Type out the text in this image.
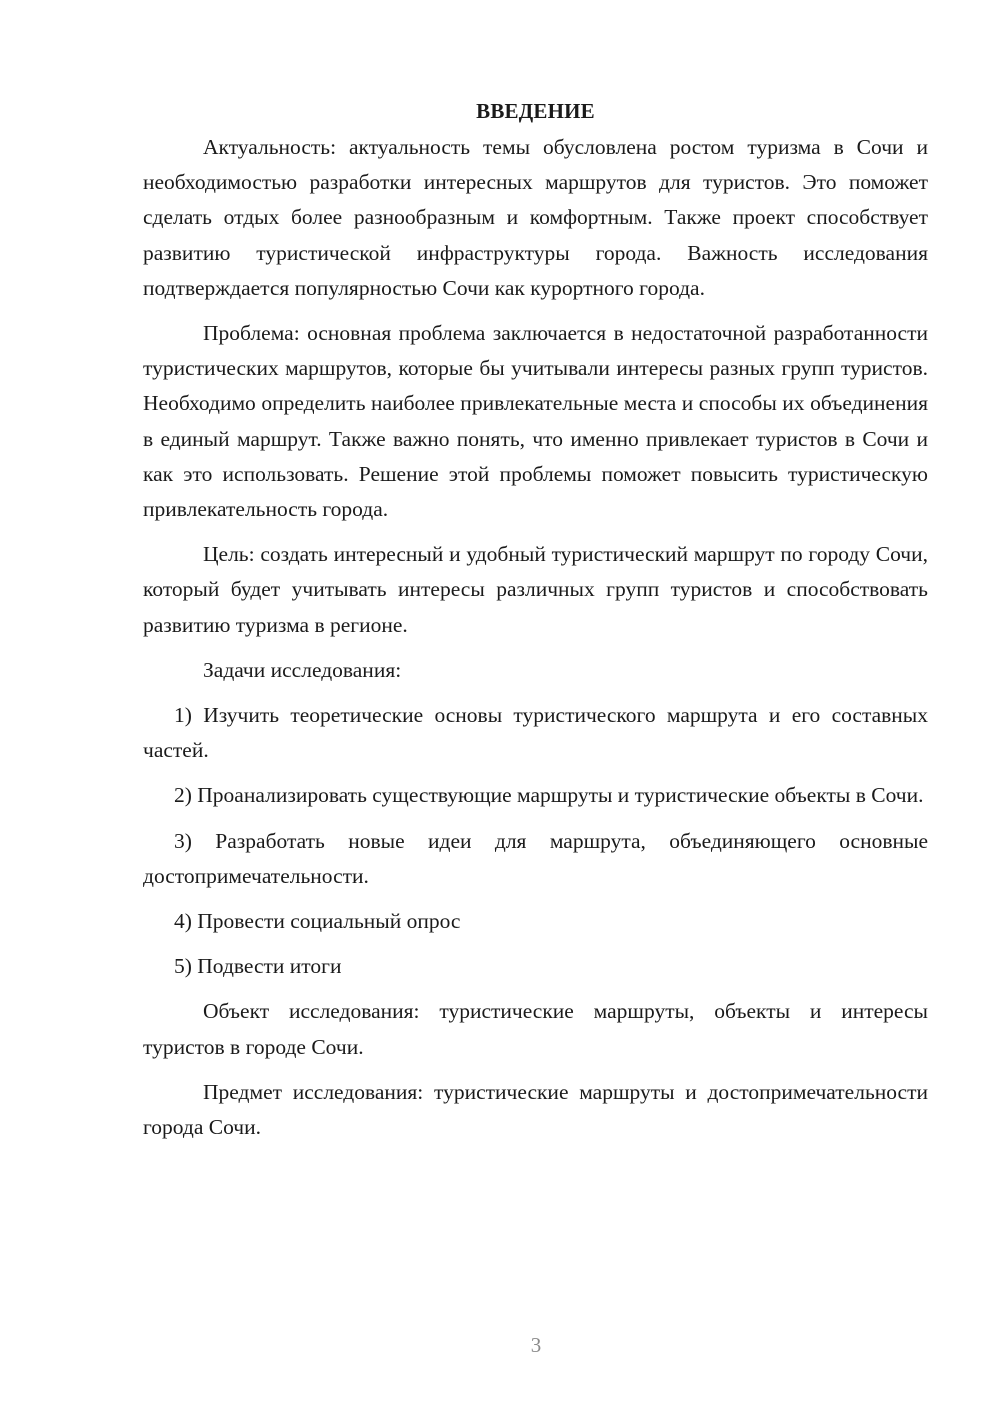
ВВЕДЕНИЕ

Актуальность: актуальность темы обусловлена ростом туризма в Сочи и необходимостью разработки интересных маршрутов для туристов. Это поможет сделать отдых более разнообразным и комфортным. Также проект способствует развитию туристической инфраструктуры города. Важность исследования подтверждается популярностью Сочи как курортного города.

Проблема: основная проблема заключается в недостаточной разработанности туристических маршрутов, которые бы учитывали интересы разных групп туристов. Необходимо определить наиболее привлекательные места и способы их объединения в единый маршрут. Также важно понять, что именно привлекает туристов в Сочи и как это использовать. Решение этой проблемы поможет повысить туристическую привлекательность города.

Цель: создать интересный и удобный туристический маршрут по городу Сочи, который будет учитывать интересы различных групп туристов и способствовать развитию туризма в регионе.

Задачи исследования:

1) Изучить теоретические основы туристического маршрута и его составных частей.

2) Проанализировать существующие маршруты и туристические объекты в Сочи.

3) Разработать новые идеи для маршрута, объединяющего основные достопримечательности.

4) Провести социальный опрос

5) Подвести итоги

Объект исследования: туристические маршруты, объекты и интересы туристов в городе Сочи.

Предмет исследования: туристические маршруты и достопримечательности города Сочи.

3
